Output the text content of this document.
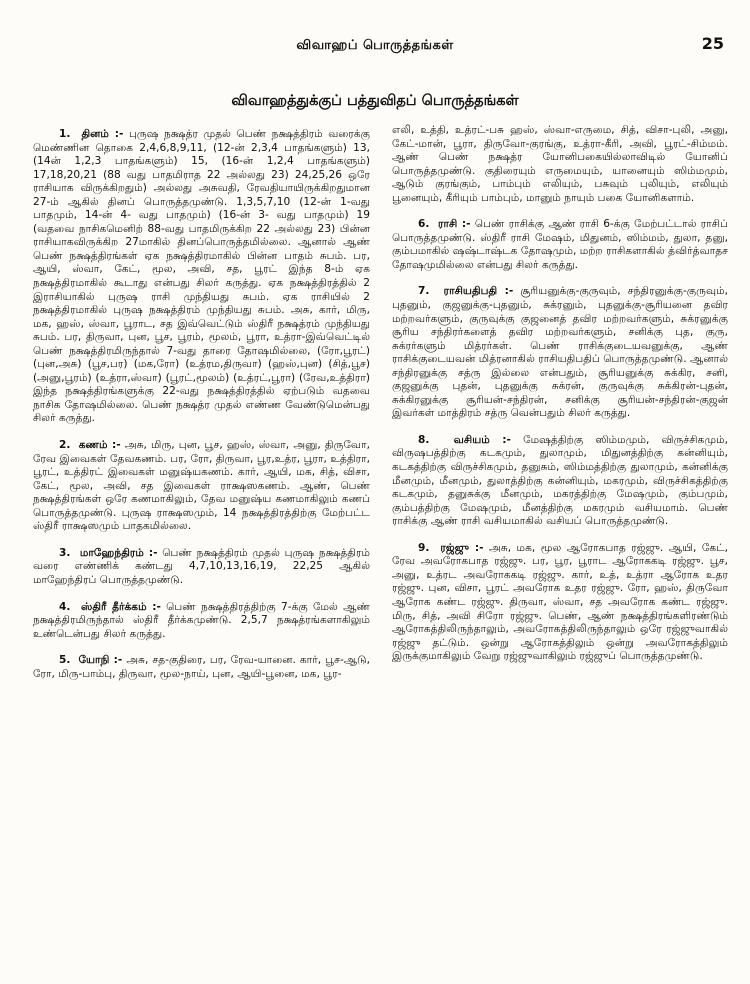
விவாஹப் பொருத்தங்கள்	25
விவாஹத்துக்குப் பத்துவிதப் பொருத்தங்கள்

1. தினம் :- புருஷ நக்ஷத்ர முதல் பெண் நக்ஷத்திரம் வரைக்கு மெண்ணின தொகை 2,4,6,8,9,11, (12-ன் 2,3,4 பாதங்களும்) 13, (14ன் 1,2,3 பாதங்களும்) 15, (16-ன் 1,2,4 பாதங்களும்) 17,18,20,21 (88 வது பாதமிராத 22 அல்லது 23) 24,25,26 ஒரே ராசியாக விருக்கிறதும்) அல்லது அசுவதி, ரேவதியாயிருக்கிறதுமான 27-ம் ஆகில் தினப் பொருத்தமுண்டு. 1,3,5,7,10 (12-ன் 1-வது பாதமும், 14-ன் 4- வது பாதமும்) (16-ன் 3- வது பாதமும்) 19 (வதவை நாசிகமெனிற் 88-வது பாதமிருக்கிற 22 அல்லது 23) பின்ன ராசியாகவிருக்கிற 27மாகில் தினப்பொருத்தமில்லை. ஆனால் ஆண் பெண் நக்ஷத்திரங்கள் ஏக நக்ஷத்திரமாகில் பின்ன பாதம் சுபம். பர, ஆயி, ஸ்வா, கேட், மூல, அவி, சத, பூரட் இந்த 8-ம் ஏக நக்ஷத்திரமாகில் கூடாது என்பது சிலர் கருத்து. ஏக நக்ஷத்திரத்தில் 2 இராசியாகில் புருஷ ராசி முந்தியது சுபம். ஏக ராசியில் 2 நக்ஷத்திரமாகில் புருஷ நக்ஷத்திரம் முந்தியது சுபம். அசு, கார், மிரு, மக, ஹஸ், ஸ்வா, பூராட, சத இவ்வெட்டும் ஸ்திரீ நக்ஷத்ரம் முந்தியது சுபம். பர, திருவா, புன, பூச, பூரம், மூலம், பூரா, உத்ரா-இவ்வெட்டில் பெண் நக்ஷத்திரமிருந்தால் 7-வது தாரை தோஷமில்லை, (ரோ,பூரட்) (புன,அசு) (பூச,பர) (மக,ரோ) (உத்ரம,திருவா) (ஹஸ்,புன) (சித்,பூச) (அனு,பூரம்) (உத்ரா,ஸ்வா) (பூரட்,மூலம்) (உத்ரட்,பூரா) (ரேவ,உத்திரா) இந்த நக்ஷத்திரங்களுக்கு 22-வது நக்ஷத்திரத்தில் ஏற்படும் வதவை நாசிக தோஷமில்லை. பெண் நக்ஷத்ர முதல் எண்ண வேண்டுமென்பது சிலர் கருத்து.

2. கணம் :- அசு, மிரு, புன, பூச, ஹஸ், ஸ்வா, அனு, திருவோ, ரேவ இவைகள் தேவகணம். பர, ரோ, திருவா, பூர,உத்ர, பூரா, உத்திரா, பூரட், உத்திரட் இவைகள் மனுஷ்யகணம். கார், ஆயி, மக, சித், விசா, கேட், மூல, அவி, சத இவைகள் ராக்ஷஸகணம். ஆண், பெண் நக்ஷத்திரங்கள் ஒரே கணமாகிலும், தேவ மனுஷ்ய கணமாகிலும் கணப் பொருத்தமுண்டு. புருஷ ராக்ஷஸமும், 14 நக்ஷத்திரத்திற்கு மேற்பட்ட ஸ்திரீ ராக்ஷஸமும் பாதகமில்லை.

3. மாஹேந்திரம் :- பெண் நக்ஷத்திரம் முதல் புருஷ நக்ஷத்திரம் வரை எண்ணிக் கண்டது 4,7,10,13,16,19, 22,25 ஆகில் மாஹேந்திரப் பொருத்தமுண்டு.

4. ஸ்திரீ தீர்க்கம் :- பெண் நக்ஷத்திரத்திற்கு 7-க்கு மேல் ஆண் நக்ஷத்திரமிருந்தால் ஸ்திரீ தீர்க்கமுண்டு. 2,5,7 நக்ஷத்ரங்களாகிலும் உண்டென்பது சிலர் கருத்து.

5. யோநி :- அசு, சத-குதிரை, பர, ரேவ-யானை. கார், பூச-ஆடு, ரோ, மிரு-பாம்பு, திருவா, மூல-நாய், புன, ஆயி-பூனை, மக, பூர-

எலி, உத்தி, உத்ரட்-பசு ஹஸ், ஸ்வா-எருமை, சித், விசா-புலி, அனு, கேட்-மான், பூரா, திருவோ-குரங்கு, உத்ரா-கீரி, அவி, பூரட்-சிம்மம். ஆண் பெண் நக்ஷத்ர யோனிபகையில்லாவிடில் யோனிப் பொருத்தமுண்டு. குதிரையும் எருமையும், யானையும் ஸிம்மமும், ஆடும் குரங்கும், பாம்பும் எலியும், பசுவும் புலியும், எலியும் பூனையும், கீரியும் பாம்பும், மானும் நாயும் பகை யோனிகளாம்.

6. ராசி :- பெண் ராசிக்கு ஆண் ராசி 6-க்கு மேற்பட்டால் ராசிப் பொருத்தமுண்டு. ஸ்திரீ ராசி மேஷம், மிதுனம், ஸிம்மம், துலா, தனு, கும்பமாகில் ஷஷ்டாஷ்டக தோஷமும், மற்ற ராசிகளாகில் த்விர்த்வாதச தோஷமுமில்லை என்பது சிலர் கருத்து.

7. ராசியதிபதி :- சூரியனுக்கு-குருவும், சந்திரனுக்கு-குருவும், புதனும், குஜனுக்கு-புதனும், சுக்ரனும், புதனுக்கு-சூரியனை தவிர மற்றவர்களும், குருவுக்கு குஜனைத் தவிர மற்றவர்களும், சுக்ரனுக்கு சூரிய சந்திரர்களைத் தவிர மற்றவர்களும், சனிக்கு புத, குரு, சுக்ரர்களும் மித்ரர்கள். பெண் ராசிக்குடையவனுக்கு, ஆண் ராசிக்குடையவன் மித்ரனாகில் ராசியதிபதிப் பொருத்தமுண்டு. ஆனால் சந்திரனுக்கு சத்ரு இல்லை என்பதும், சூரியனுக்கு சுக்கிர, சனி, குஜனுக்கு புதன், புதனுக்கு சுக்ரன், குருவுக்கு சுக்கிரன்-புதன், சுக்கிரனுக்கு சூரியன்-சந்திரன், சனிக்கு சூரியன்-சந்திரன்-குஜன் இவர்கள் மாத்திரம் சத்ரு வென்பதும் சிலர் கருத்து.

8. வசியம் :- மேஷத்திற்கு ஸிம்மமும், விருச்சிகமும், விருஷபத்திற்கு கடகமும், துலாமும், மிதுனத்திற்கு கன்னியும், கடகத்திற்கு விருச்சிகமும், தனுசும், ஸிம்மத்திற்கு துலாமும், கன்னிக்கு மீனமும், மீனமும், துலாத்திற்கு கன்னியும், மகரமும், விருச்சிகத்திற்கு கடகமும், தனுசுக்கு மீனமும், மகரத்திற்கு மேஷமும், கும்பமும், கும்பத்திற்கு மேஷமும், மீனத்திற்கு மகரமும் வசியமாம். பெண் ராசிக்கு ஆண் ராசி வசியமாகில் வசியப் பொருத்தமுண்டு.

9. ரஜ்ஜு :- அசு, மக, மூல ஆரோகபாத ரஜ்ஜு. ஆயி, கேட், ரேவ அவரோகபாத ரஜ்ஜு. பர, பூர, பூராட ஆரோககடி ரஜ்ஜு. பூச, அனு, உத்ரட அவரோககடி ரஜ்ஜு. கார், உத், உத்ரா ஆரோக உதர ரஜ்ஜு. புன, விசா, பூரட் அவரோக உதர ரஜ்ஜு. ரோ, ஹஸ், திருவோ ஆரோக கண்ட ரஜ்ஜு. திருவா, ஸ்வா, சத அவரோக கண்ட ரஜ்ஜு. மிரு, சித், அவி சிரோ ரஜ்ஜு. பெண், ஆண் நக்ஷத்திரங்களிரண்டும் ஆரோகத்திலிருந்தாலும், அவரோகத்திலிருந்தாலும் ஒரே ரஜ்ஜுவாகில் ரஜ்ஜு தட்டும். ஒன்று ஆரோகத்திலும் ஒன்று அவரோகத்திலும் இருக்குமாகிலும் வேறு ரஜ்ஜுவாகிலும் ரஜ்ஜுப் பொருத்தமுண்டு.
